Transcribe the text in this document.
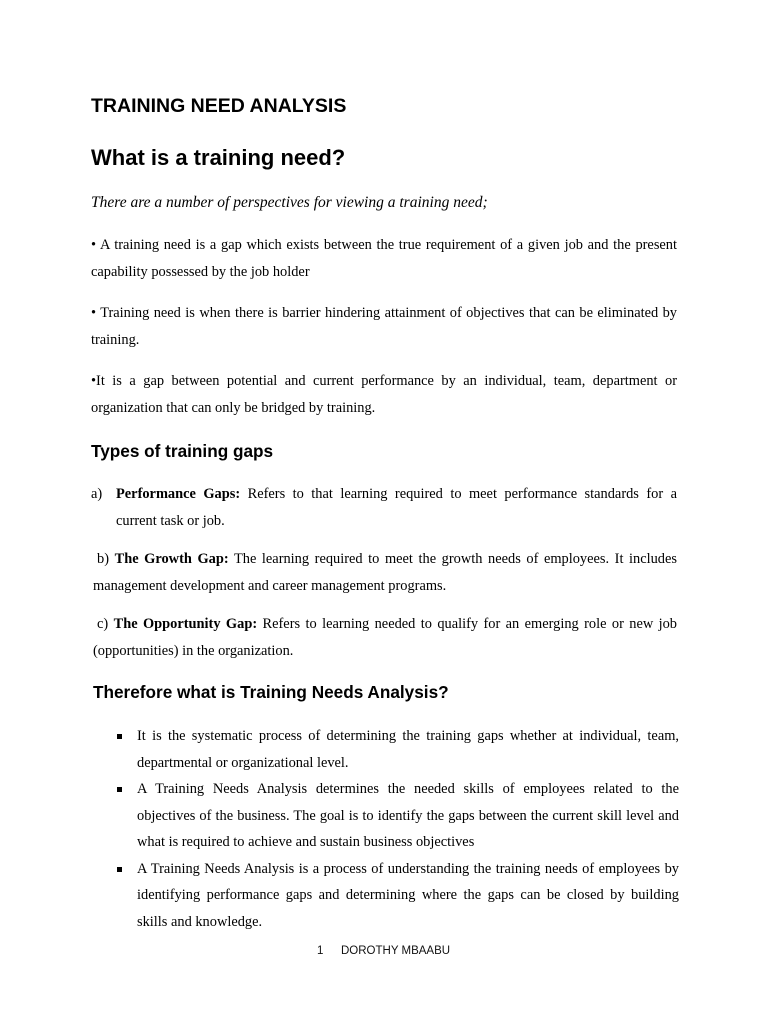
TRAINING NEED ANALYSIS
What is a training need?
There are a number of perspectives for viewing a training need;
• A training need is a gap which exists between the true requirement of a given job and the present
capability possessed by the job holder
• Training need is when there is barrier hindering attainment of objectives that can be eliminated by
training.
•It is a gap between potential and current performance by an individual, team, department or
organization that can only be bridged by training.
Types of training gaps
a) Performance Gaps: Refers to that learning required to meet performance standards for a
current task or job.
b) The Growth Gap: The learning required to meet the growth needs of employees. It includes
management development and career management programs.
c) The Opportunity Gap: Refers to learning needed to qualify for an emerging role or new job
(opportunities) in the organization.
Therefore what is Training Needs Analysis?
It is the systematic process of determining the training gaps whether at individual, team,
departmental or organizational level.
A Training Needs Analysis determines the needed skills of employees related to the
objectives of the business. The goal is to identify the gaps between the current skill level and
what is required to achieve and sustain business objectives
A Training Needs Analysis is a process of understanding the training needs of employees by
identifying performance gaps and determining where the gaps can be closed by building
skills and knowledge.
1 DOROTHY MBAABU
